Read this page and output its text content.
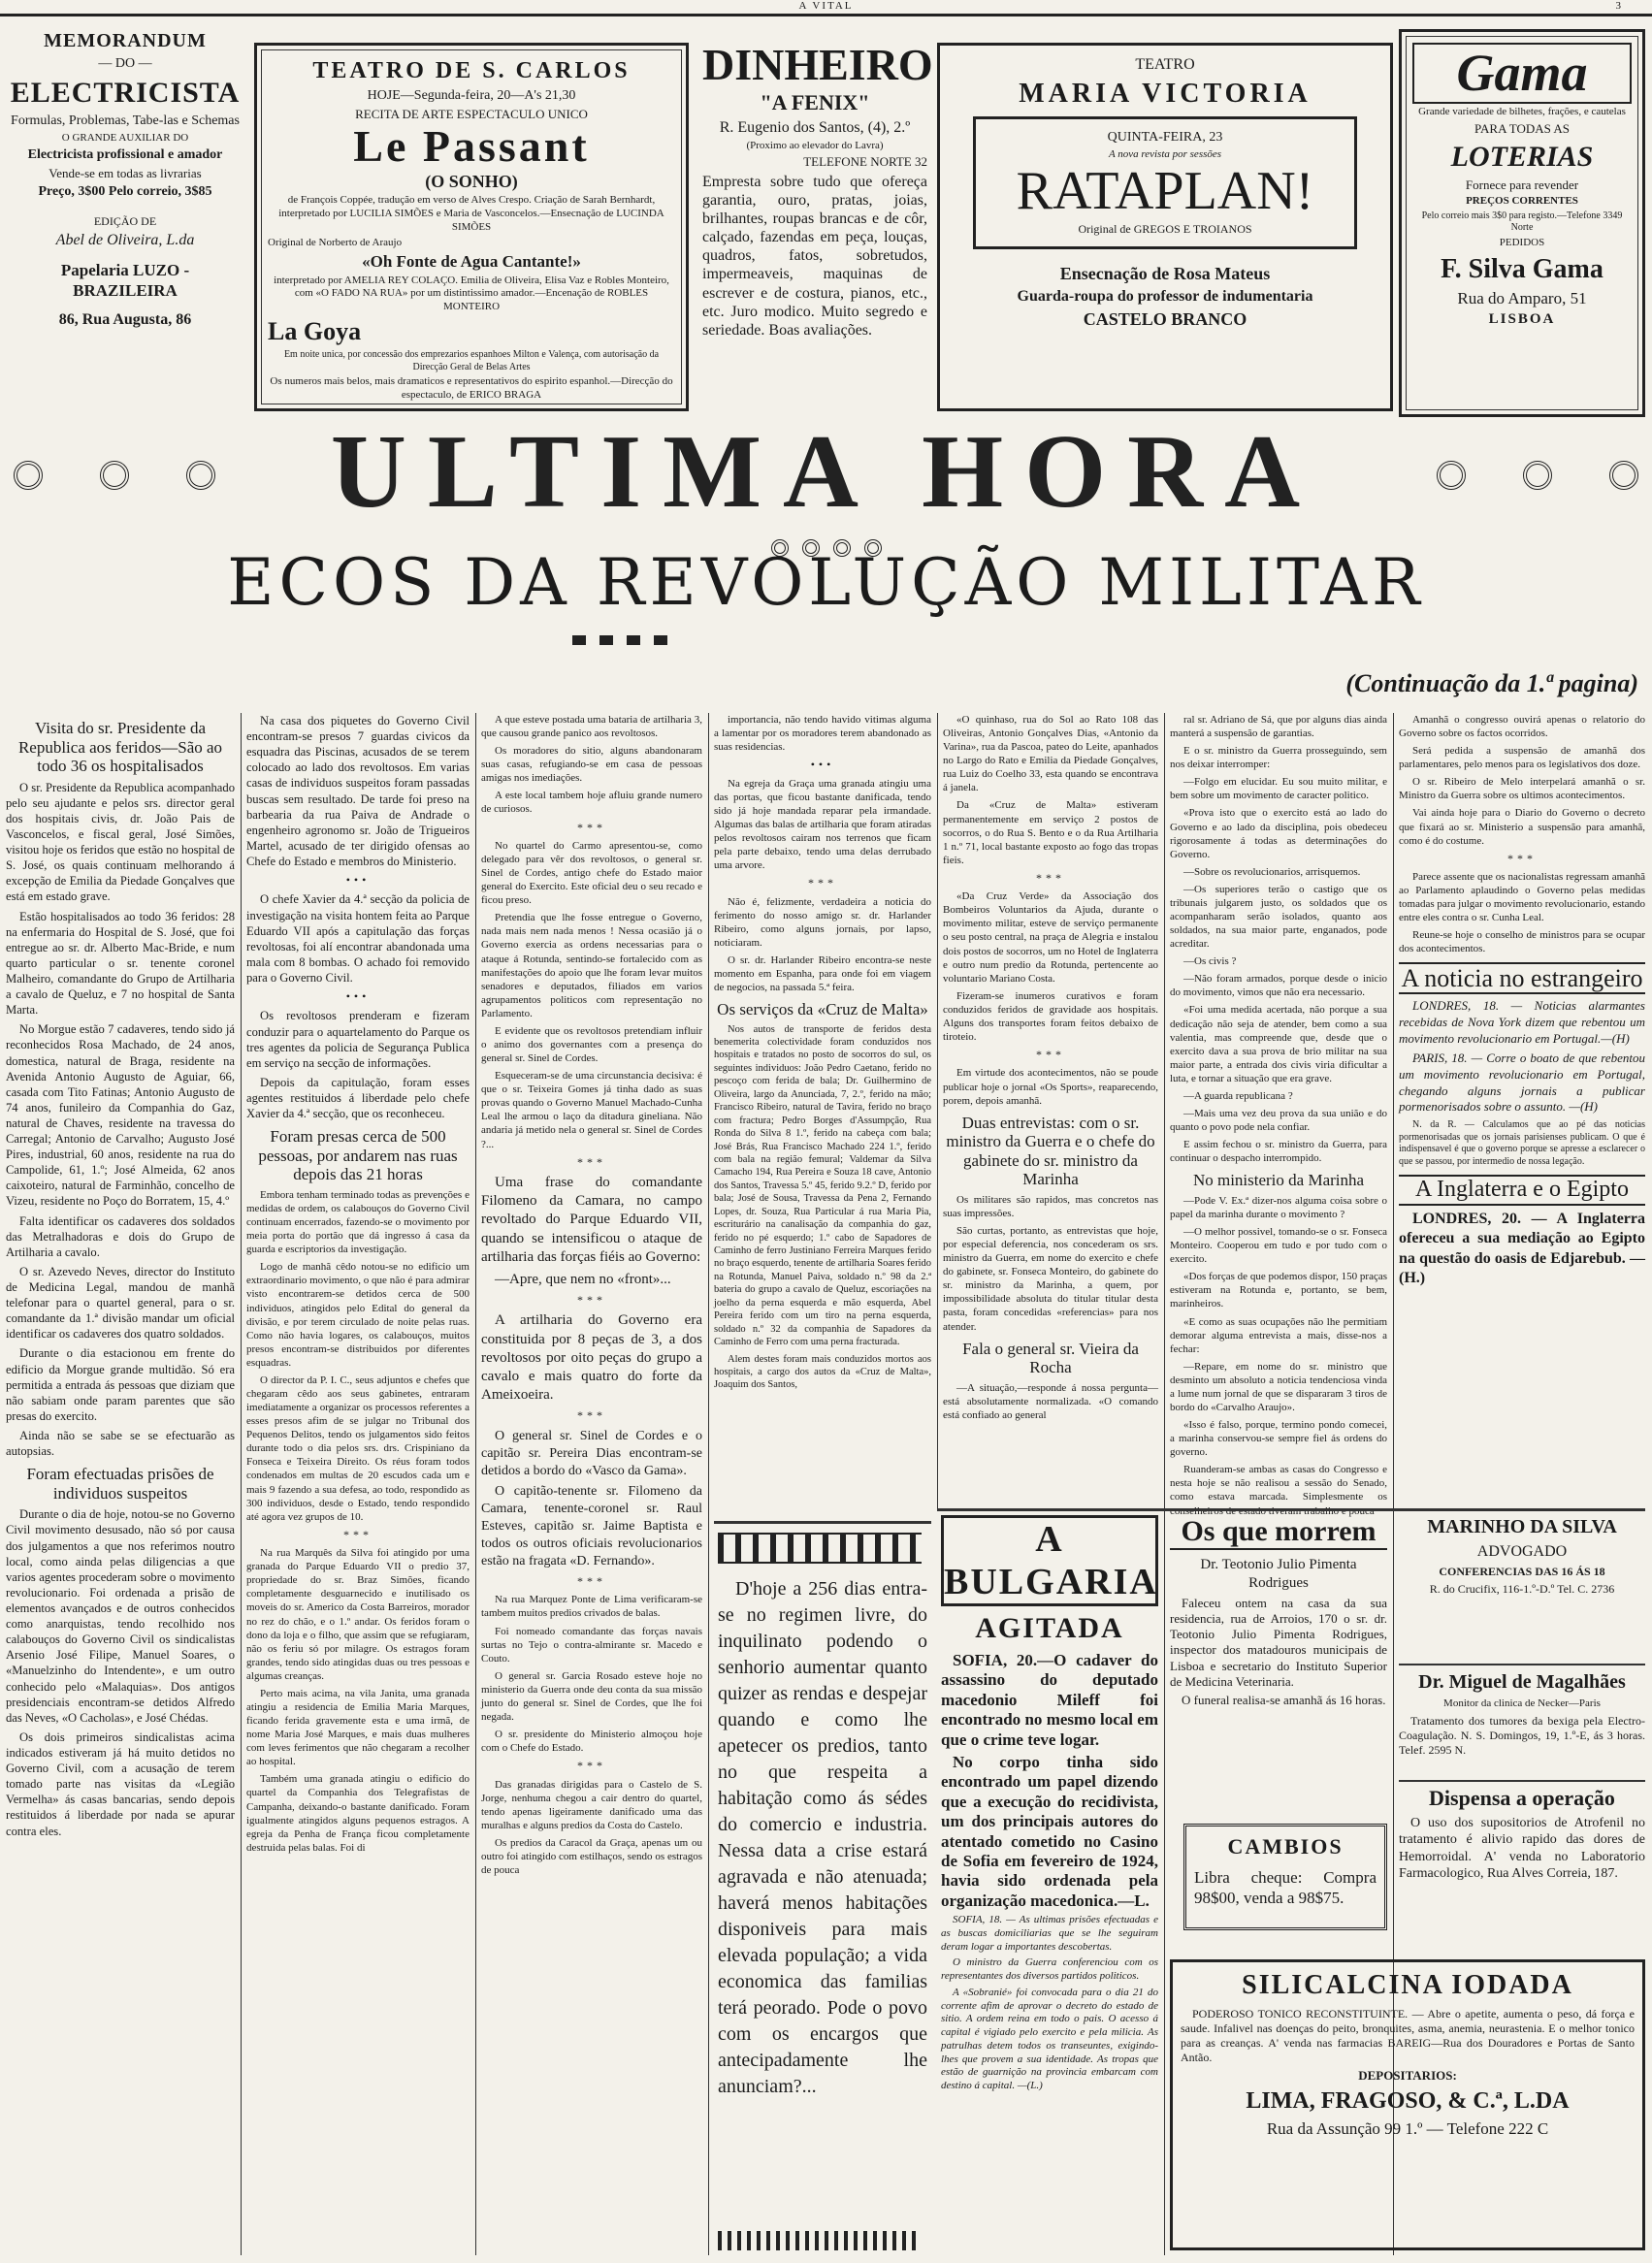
A VITAL	3

MEMORANDUM

— DO —

ELECTRICISTA

Formulas, Problemas, Tabe-las e Schemas

O GRANDE AUXILIAR DO

Electricista profissional e amador

Vende-se em todas as livrarias

Preço, 3$00 Pelo correio, 3$85

EDIÇÃO DE

Abel de Oliveira, L.da

Papelaria LUZO - BRAZILEIRA

86, Rua Augusta, 86

TEATRO DE S. CARLOS

HOJE—Segunda-feira, 20—A's 21,30

RECITA DE ARTE ESPECTACULO UNICO

Le Passant

(O SONHO)

de François Coppée, tradução em verso de Alves Crespo. Criação de Sarah Bernhardt, interpretado por LUCILIA SIMÕES e Maria de Vasconcelos.—Ensecnação de LUCINDA SIMÕES

Original de Norberto de Araujo

«Oh Fonte de Agua Cantante!»

interpretado por AMELIA REY COLAÇO. Emilia de Oliveira, Elisa Vaz e Robles Monteiro, com «O FADO NA RUA» por um distintissimo amador.—Encenação de ROBLES MONTEIRO

La Goya

Em noite unica, por concessão dos emprezarios espanhoes Milton e Valença, com autorisação da Direcção Geral de Belas Artes

Os numeros mais belos, mais dramaticos e representativos do espirito espanhol.—Direcção do espectaculo, de ERICO BRAGA

DINHEIRO

"A FENIX"

R. Eugenio dos Santos, (4), 2.º

(Proximo ao elevador do Lavra)

TELEFONE NORTE 32

Empresta sobre tudo que ofereça garantia, ouro, pratas, joias, brilhantes, roupas brancas e de côr, calçado, fazendas em peça, louças, quadros, fatos, sobretudos, impermeaveis, maquinas de escrever e de costura, pianos, etc., etc. Juro modico. Muito segredo e seriedade. Boas avaliações.

TEATRO

MARIA VICTORIA

QUINTA-FEIRA, 23

A nova revista por sessões

RATAPLAN!

Original de GREGOS E TROIANOS

Ensecnação de Rosa Mateus

Guarda-roupa do professor de indumentaria

CASTELO BRANCO

Gama

Grande variedade de bilhetes, frações, e cautelas

PARA TODAS AS

LOTERIAS

Fornece para revender

PREÇOS CORRENTES

Pelo correio mais 3$0 para registo.—Telefone 3349 Norte

PEDIDOS

F. Silva Gama

Rua do Amparo, 51

LISBOA

ULTIMA HORA
ECOS DA REVOLUÇÃO MILITAR
(Continuação da 1.ª pagina)
Visita do sr. Presidente da Republica aos feridos—São ao todo 36 os hospitalisados

O sr. Presidente da Republica acompanhado pelo seu ajudante e pelos srs. director geral dos hospitais civis, dr. João Pais de Vasconcelos, e fiscal geral, José Simões, visitou hoje os feridos que estão no hospital de S. José, os quais continuam melhorando á excepção de Emilia da Piedade Gonçalves que está em estado grave.

Estão hospitalisados ao todo 36 feridos: 28 na enfermaria do Hospital de S. José, que foi entregue ao sr. dr. Alberto Mac-Bride, e num quarto particular o sr. tenente coronel Malheiro, comandante do Grupo de Artilharia a cavalo de Queluz, e 7 no hospital de Santa Marta.

No Morgue estão 7 cadaveres, tendo sido já reconhecidos Rosa Machado, de 24 anos, domestica, natural de Braga, residente na Avenida Antonio Augusto de Aguiar, 66, casada com Tito Fatinas; Antonio Augusto de 74 anos, funileiro da Companhia do Gaz, natural de Chaves, residente na travessa do Carregal; Antonio de Carvalho; Augusto José Pires, industrial, 60 anos, residente na rua do Campolide, 61, 1.º; José Almeida, 62 anos caixoteiro, natural de Farminhão, concelho de Vizeu, residente no Poço do Borratem, 15, 4.º

Falta identificar os cadaveres dos soldados das Metralhadoras e dois do Grupo de Artilharia a cavalo.

O sr. Azevedo Neves, director do Instituto de Medicina Legal, mandou de manhã telefonar para o quartel general, para o sr. comandante da 1.ª divisão mandar um oficial identificar os cadaveres dos quatro soldados.

Durante o dia estacionou em frente do edificio da Morgue grande multidão. Só era permitida a entrada ás pessoas que diziam que não sabiam onde param parentes que são presas do exercito.

Ainda não se sabe se se efectuarão as autopsias.

Foram efectuadas prisões de individuos suspeitos

Durante o dia de hoje, notou-se no Governo Civil movimento desusado, não só por causa dos julgamentos a que nos referimos noutro local, como ainda pelas diligencias a que varios agentes procederam sobre o movimento revolucionario. Foi ordenada a prisão de elementos avançados e de outros conhecidos como anarquistas, tendo recolhido nos calabouços do Governo Civil os sindicalistas Arsenio José Filipe, Manuel Soares, o «Manuelzinho do Intendente», e um outro conhecido pelo «Malaquias». Dos antigos presidenciais encontram-se detidos Alfredo das Neves, «O Cacholas», e José Chédas.

Os dois primeiros sindicalistas acima indicados estiveram já há muito detidos no Governo Civil, com a acusação de terem tomado parte nas visitas da «Legião Vermelha» ás casas bancarias, sendo depois restituidos á liberdade por nada se apurar contra eles.

Na casa dos piquetes do Governo Civil encontram-se presos 7 guardas civicos da esquadra das Piscinas, acusados de se terem colocado ao lado dos revoltosos. Em varias casas de individuos suspeitos foram passadas buscas sem resultado. De tarde foi preso na barbearia da rua Paiva de Andrade o engenheiro agronomo sr. João de Trigueiros Martel, acusado de ter dirigido ofensas ao Chefe do Estado e membros do Ministerio.

•••

O chefe Xavier da 4.ª secção da policia de investigação na visita hontem feita ao Parque Eduardo VII após a capitulação das forças revoltosas, foi alí encontrar abandonada uma mala com 8 bombas. O achado foi removido para o Governo Civil.

•••

Os revoltosos prenderam e fizeram conduzir para o aquartelamento do Parque os tres agentes da policia de Segurança Publica em serviço na secção de informações.

Depois da capitulação, foram esses agentes restituidos á liberdade pelo chefe Xavier da 4.ª secção, que os reconheceu.

Foram presas cerca de 500 pessoas, por andarem nas ruas depois das 21 horas

Embora tenham terminado todas as prevenções e medidas de ordem, os calabouços do Governo Civil continuam encerrados, fazendo-se o movimento por meia porta do portão que dá ingresso á casa da guarda e escriptorios da investigação.

Logo de manhã cêdo notou-se no edificio um extraordinario movimento, o que não é para admirar visto encontrarem-se detidos cerca de 500 individuos, atingidos pelo Edital do general da divisão, e por terem circulado de noite pelas ruas. Como não havia logares, os calabouços, muitos presos encontram-se distribuidos por diferentes esquadras.

O director da P. I. C., seus adjuntos e chefes que chegaram cêdo aos seus gabinetes, entraram imediatamente a organizar os processos referentes a esses presos afim de se julgar no Tribunal dos Pequenos Delitos, tendo os julgamentos sido feitos durante todo o dia pelos srs. drs. Crispiniano da Fonseca e Teixeira Direito. Os réus foram todos condenados em multas de 20 escudos cada um e mais 9 fazendo a sua defesa, ao todo, respondido as 300 individuos, desde o Estado, tendo respondido até agora vez grupos de 10.

***

Na rua Marquês da Silva foi atingido por uma granada do Parque Eduardo VII o predio 37, propriedade do sr. Braz Simões, ficando completamente desguarnecido e inutilisado os moveis do sr. Americo da Costa Barreiros, morador no rez do chão, e o 1.º andar. Os feridos foram o dono da loja e o filho, que assim que se refugiaram, não os feriu só por milagre. Os estragos foram grandes, tendo sido atingidas duas ou tres pessoas e algumas creanças.

Perto mais acima, na vila Janita, uma granada atingiu a residencia de Emilia Maria Marques, ficando ferida gravemente esta e uma irmã, de nome Maria José Marques, e mais duas mulheres com leves ferimentos que não chegaram a recolher ao hospital.

Também uma granada atingiu o edificio do quartel da Companhia dos Telegrafistas de Campanha, deixando-o bastante danificado. Foram igualmente atingidos alguns pequenos estragos. A egreja da Penha de França ficou completamente destruida pelas balas. Foi di

A que esteve postada uma bataria de artilharia 3, que causou grande panico aos revoltosos.

Os moradores do sitio, alguns abandonaram suas casas, refugiando-se em casa de pessoas amigas nos imediações.

A este local tambem hoje afluiu grande numero de curiosos.

***

No quartel do Carmo apresentou-se, como delegado para vêr dos revoltosos, o general sr. Sinel de Cordes, antigo chefe do Estado maior general do Exercito. Este oficial deu o seu recado e ficou preso.

Pretendia que lhe fosse entregue o Governo, nada mais nem nada menos ! Nessa ocasião já o Governo exercia as ordens necessarias para o ataque á Rotunda, sentindo-se fortalecido com as manifestações do apoio que lhe foram levar muitos senadores e deputados, filiados em varios agrupamentos politicos com representação no Parlamento.

E evidente que os revoltosos pretendiam influir o animo dos governantes com a presença do general sr. Sinel de Cordes.

Esqueceram-se de uma circunstancia decisiva: é que o sr. Teixeira Gomes já tinha dado as suas provas quando o Governo Manuel Machado-Cunha Leal lhe armou o laço da ditadura gineliana. Não andaria já metido nela o general sr. Sinel de Cordes ?...

***

Uma frase do comandante Filomeno da Camara, no campo revoltado do Parque Eduardo VII, quando se intensificou o ataque de artilharia das forças fiéis ao Governo:

—Apre, que nem no «front»...

***

A artilharia do Governo era constituida por 8 peças de 3, a dos revoltosos por oito peças do grupo a cavalo e mais quatro do forte da Ameixoeira.

***

O general sr. Sinel de Cordes e o capitão sr. Pereira Dias encontram-se detidos a bordo do «Vasco da Gama».

O capitão-tenente sr. Filomeno da Camara, tenente-coronel sr. Raul Esteves, capitão sr. Jaime Baptista e todos os outros oficiais revolucionarios estão na fragata «D. Fernando».

***

Na rua Marquez Ponte de Lima verificaram-se tambem muitos predios crivados de balas.

Foi nomeado comandante das forças navais surtas no Tejo o contra-almirante sr. Macedo e Couto.

O general sr. Garcia Rosado esteve hoje no ministerio da Guerra onde deu conta da sua missão junto do general sr. Sinel de Cordes, que lhe foi negada.

O sr. presidente do Ministerio almoçou hoje com o Chefe do Estado.

***

Das granadas dirigidas para o Castelo de S. Jorge, nenhuma chegou a cair dentro do quartel, tendo apenas ligeiramente danificado uma das muralhas e alguns predios da Costa do Castelo.

Os predios da Caracol da Graça, apenas um ou outro foi atingido com estilhaços, sendo os estragos de pouca

importancia, não tendo havido vitimas alguma a lamentar por os moradores terem abandonado as suas residencias.

•••

Na egreja da Graça uma granada atingiu uma das portas, que ficou bastante danificada, tendo sido já hoje mandada reparar pela irmandade. Algumas das balas de artilharia que foram atiradas pelos revoltosos cairam nos terrenos que ficam pela parte debaixo, tendo uma delas derrubado uma arvore.

***

Não é, felizmente, verdadeira a noticia do ferimento do nosso amigo sr. dr. Harlander Ribeiro, como alguns jornais, por lapso, noticiaram.

O sr. dr. Harlander Ribeiro encontra-se neste momento em Espanha, para onde foi em viagem de negocios, na passada 5.ª feira.

Os serviços da «Cruz de Malta»

Nos autos de transporte de feridos desta benemerita colectividade foram conduzidos nos hospitais e tratados no posto de socorros do sul, os seguintes individuos: João Pedro Caetano, ferido no pescoço com ferida de bala; Dr. Guilhermino de Oliveira, largo da Anunciada, 7, 2.º, ferido na mão; Francisco Ribeiro, natural de Tavira, ferido no braço com fractura; Pedro Borges d'Assumpção, Rua Ronda do Silva 8 1.º, ferido na cabeça com bala; José Brás, Rua Francisco Machado 224 1.º, ferido com bala na região femural; Valdemar da Silva Camacho 194, Rua Pereira e Souza 18 cave, Antonio dos Santos, Travessa 5.º 45, ferido 9.2.º D, ferido por bala; José de Sousa, Travessa da Pena 2, Fernando Lopes, dr. Souza, Rua Particular á rua Maria Pia, escriturário na canalisação da companhia do gaz, ferido no pé esquerdo; 1.º cabo de Sapadores de Caminho de ferro Justiniano Ferreira Marques ferido no braço esquerdo, tenente de artilharia Soares ferido na Rotunda, Manuel Paiva, soldado n.º 98 da 2.ª bateria do grupo a cavalo de Queluz, escoriações na joelho da perna esquerda e mão esquerda, Abel Pereira ferido com um tiro na perna esquerda, soldado n.º 32 da companhia de Sapadores da Caminho de Ferro com uma perna fracturada.

Alem destes foram mais conduzidos mortos aos hospitais, a cargo dos autos da «Cruz de Malta», Joaquim dos Santos,

«O quinhaso, rua do Sol ao Rato 108 das Oliveiras, Antonio Gonçalves Dias, «Antonio da Varina», rua da Pascoa, pateo do Leite, apanhados no Largo do Rato e Emilia da Piedade Gonçalves, rua Luiz do Coelho 33, esta quando se encontrava á janela.

Da «Cruz de Malta» estiveram permanentemente em serviço 2 postos de socorros, o do Rua S. Bento e o da Rua Artilharia 1 n.º 71, local bastante exposto ao fogo das tropas fieis.

***

«Da Cruz Verde» da Associação dos Bombeiros Voluntarios da Ajuda, durante o movimento militar, esteve de serviço permanente o seu posto central, na praça de Alegria e instalou dois postos de socorros, um no Hotel de Inglaterra e outro num predio da Rotunda, pertencente ao voluntario Mariano Costa.

Fizeram-se inumeros curativos e foram conduzidos feridos de gravidade aos hospitais. Alguns dos transportes foram feitos debaixo de tiroteio.

***

Em virtude dos acontecimentos, não se poude publicar hoje o jornal «Os Sports», reaparecendo, porem, depois amanhã.

Duas entrevistas: com o sr. ministro da Guerra e o chefe do gabinete do sr. ministro da Marinha

Os militares são rapidos, mas concretos nas suas impressões.

São curtas, portanto, as entrevistas que hoje, por especial deferencia, nos concederam os srs. ministro da Guerra, em nome do exercito e chefe do gabinete, sr. Fonseca Monteiro, do gabinete do sr. ministro da Marinha, a quem, por impossibilidade absoluta do titular titular desta pasta, foram concedidas «referencias» para nos atender.

Fala o general sr. Vieira da Rocha

—A situação,—responde á nossa pergunta—está absolutamente normalizada. «O comando está confiado ao general

ral sr. Adriano de Sá, que por alguns dias ainda manterá a suspensão de garantias.

E o sr. ministro da Guerra prosseguindo, sem nos deixar interromper:

—Folgo em elucidar. Eu sou muito militar, e bem sobre um movimento de caracter politico.

«Prova isto que o exercito está ao lado do Governo e ao lado da disciplina, pois obedeceu rigorosamente á todas as determinações do Governo.

—Sobre os revolucionarios, arrisquemos.

—Os superiores terão o castigo que os tribunais julgarem justo, os soldados que os acompanharam serão isolados, quanto aos soldados, na sua maior parte, enganados, pode acreditar.

—Os civis ?

—Não foram armados, porque desde o inicio do movimento, vimos que não era necessario.

«Foi uma medida acertada, não porque a sua dedicação não seja de atender, bem como a sua valentia, mas compreende que, desde que o exercito dava a sua prova de brio militar na sua maior parte, a entrada dos civis viria dificultar a luta, e tornar a situação que era grave.

—A guarda republicana ?

—Mais uma vez deu prova da sua união e do quanto o povo pode nela confiar.

E assim fechou o sr. ministro da Guerra, para continuar o despacho interrompido.

No ministerio da Marinha

—Pode V. Ex.ª dizer-nos alguma coisa sobre o papel da marinha durante o movimento ?

—O melhor possivel, tomando-se o sr. Fonseca Monteiro. Cooperou em tudo e por tudo com o exercito.

«Dos forças de que podemos dispor, 150 praças estiveram na Rotunda e, portanto, se bem, marinheiros.

«E como as suas ocupações não lhe permitiam demorar alguma entrevista a mais, disse-nos a fechar:

—Repare, em nome do sr. ministro que desminto um absoluto a noticia tendenciosa vinda a lume num jornal de que se dispararam 3 tiros de bordo do «Carvalho Araujo».

«Isso é falso, porque, termino pondo comecei, a marinha conservou-se sempre fiel ás ordens do governo.

Ruanderam-se ambas as casas do Congresso e nesta hoje se não realisou a sessão do Senado, como estava marcada. Simplesmente os

Amanhã o congresso ouvirá apenas o relatorio do Governo sobre os factos ocorridos.

Será pedida a suspensão de amanhã dos parlamentares, pelo menos para os legislativos dos doze.

O sr. Ribeiro de Melo interpelará amanhã o sr. Ministro da Guerra sobre os ultimos acontecimentos.

Vai ainda hoje para o Diario do Governo o decreto que fixará ao sr. Ministerio a suspensão para amanhã, como é do costume.

***

Parece assente que os nacionalistas regressam amanhã ao Parlamento aplaudindo o Governo pelas medidas tomadas para julgar o movimento revolucionario, estando entre eles contra o sr. Cunha Leal.

Reune-se hoje o conselho de ministros para se ocupar dos acontecimentos.

A noticia no estrangeiro

LONDRES, 18. — Noticias alarmantes recebidas de Nova York dizem que rebentou um movimento revolucionario em Portugal.—(H)

PARIS, 18. — Corre o boato de que rebentou um movimento revolucionario em Portugal, chegando alguns jornais a publicar pormenorisados sobre o assunto. —(H)

N. da R. — Calculamos que ao pé das noticias pormenorisadas que os jornais parisienses publicam. O que é indispensavel é que o governo porque se apresse a esclarecer o que se passou, por intermedio de nossa legação.

A Inglaterra e o Egipto

LONDRES, 20. — A Inglaterra ofereceu a sua mediação ao Egipto na questão do oasis de Edjarebub. —(H.)

D'hoje a 256 dias entra-se no regimen livre, do inquilinato podendo o senhorio aumentar quanto quizer as rendas e despejar quando e como lhe apetecer os predios, tanto no que respeita a habitação como ás sédes do comercio e industria. Nessa data a crise estará agravada e não atenuada; haverá menos habitações disponiveis para mais elevada população; a vida economica das familias terá peorado. Pode o povo com os encargos que antecipadamente lhe anunciam?...

A BULGARIA
AGITADA

SOFIA, 20.—O cadaver do assassino do deputado macedonio Mileff foi encontrado no mesmo local em que o crime teve logar.

No corpo tinha sido encontrado um papel dizendo que a execução do recidivista, um dos principais autores do atentado cometido no Casino de Sofia em fevereiro de 1924, havia sido ordenada pela organização macedonica.—L.

SOFIA, 18. — As ultimas prisões efectuadas e as buscas domiciliarias que se lhe seguiram deram logar a importantes descobertas.

O ministro da Guerra conferenciou com os representantes dos diversos partidos politicos.

A «Sobranié» foi convocada para o dia 21 do corrente afim de aprovar o decreto do estado de sitio. A ordem reina em todo o pais. O acesso á capital é vigiado pelo exercito e pela milicia. As patrulhas detem todos os transeuntes, exigindo-lhes que provem a sua identidade. As tropas que estão de guarnição na provincia embarcam com destino á capital. —(L.)

Os que morrem

Dr. Teotonio Julio Pimenta Rodrigues

Faleceu ontem na casa da sua residencia, rua de Arroios, 170 o sr. dr. Teotonio Julio Pimenta Rodrigues, inspector dos matadouros municipais de Lisboa e secretario do Instituto Superior de Medicina Veterinaria.

O funeral realisa-se amanhã ás 16 horas.

CAMBIOS

Libra cheque: Compra 98$00, venda a 98$75.

SILICALCINA IODADA

PODEROSO TONICO RECONSTITUINTE. — Abre o apetite, aumenta o peso, dá força e saude. Infalivel nas doenças do peito, bronquites, asma, anemia, neurastenia. E o melhor tonico para as creanças. A' venda nas farmacias BAREIG—Rua dos Douradores e Portas de Santo Antão.

DEPOSITARIOS:

LIMA, FRAGOSO, & C.ª, L.DA

Rua da Assunção 99 1.º — Telefone 222 C

MARINHO DA SILVA

ADVOGADO

CONFERENCIAS DAS 16 ÁS 18

R. do Crucifix, 116-1.º-D.º Tel. C. 2736

Dr. Miguel de Magalhães

Monitor da clinica de Necker—Paris

Tratamento dos tumores da bexiga pela Electro-Coagulação. N. S. Domingos, 19, 1.º-E, ás 3 horas. Telef. 2595 N.

Dispensa a operação

O uso dos supositorios de Atrofenil no tratamento é alivio rapido das dores de Hemorroidal. A' venda no Laboratorio Farmacologico, Rua Alves Correia, 187.
